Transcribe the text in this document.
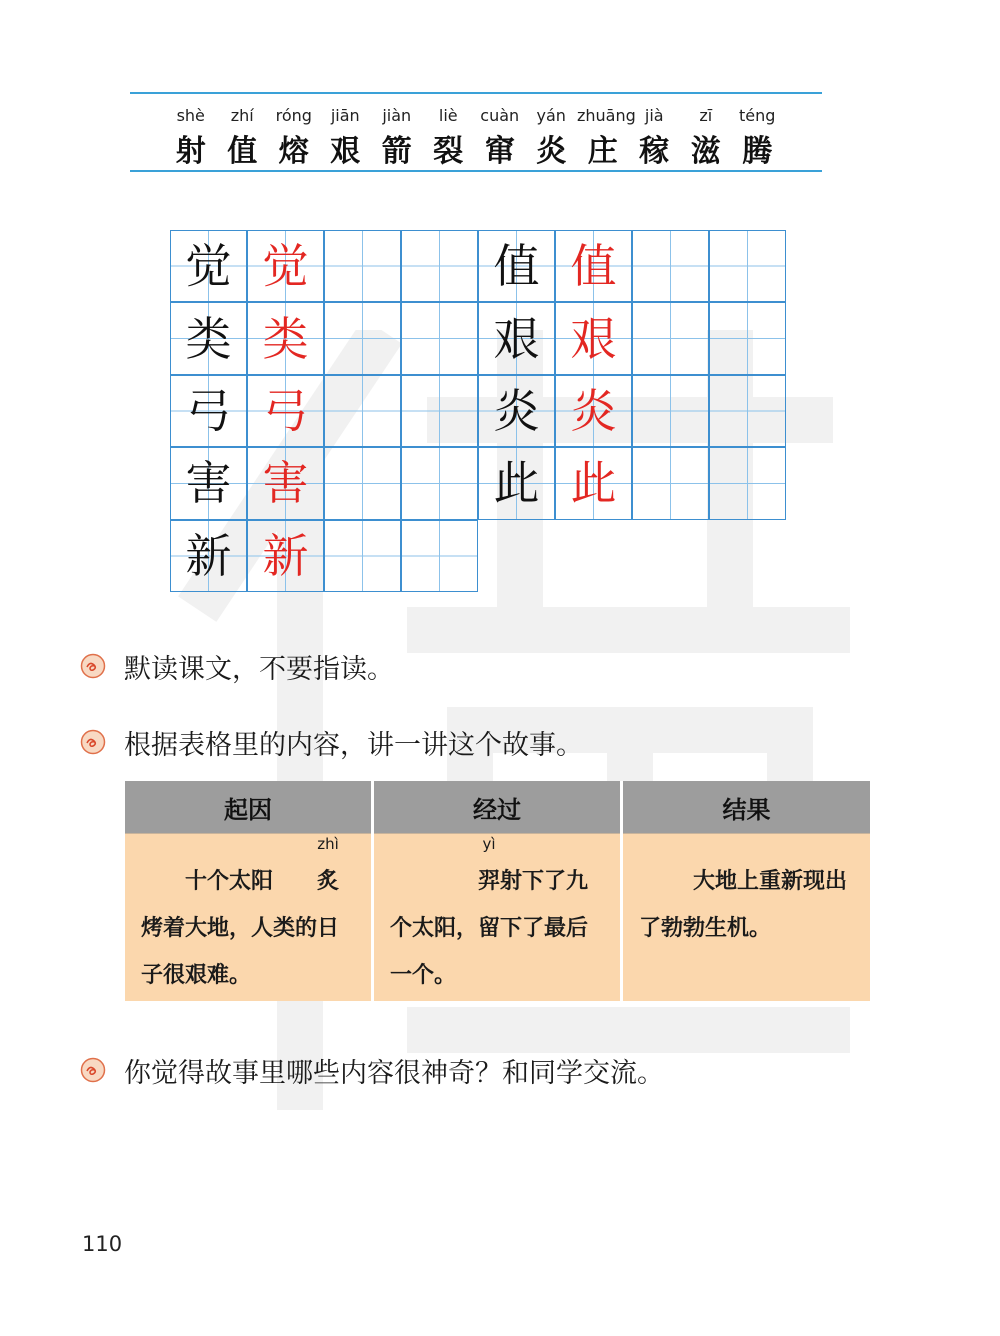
shè
射
zhí
值
róng
熔
jiān
艰
jiàn
箭
liè
裂
cuàn
窜
yán
炎
zhuāng
庄
jià
稼
zī
滋
téng
腾
觉 觉
类 类
弓 弓
害 害
新 新
值 值
艰 艰
炎 炎
此 此
默读课文，不要指读。
根据表格里的内容，讲一讲这个故事。
起因	经过	结果
十个太阳
zhì
炙烤着大地，人类的日子很艰难。
yì
羿射下了九个太阳，留下了最后一个。
大地上重新现出了勃勃生机。
你觉得故事里哪些内容很神奇？和同学交流。
110
